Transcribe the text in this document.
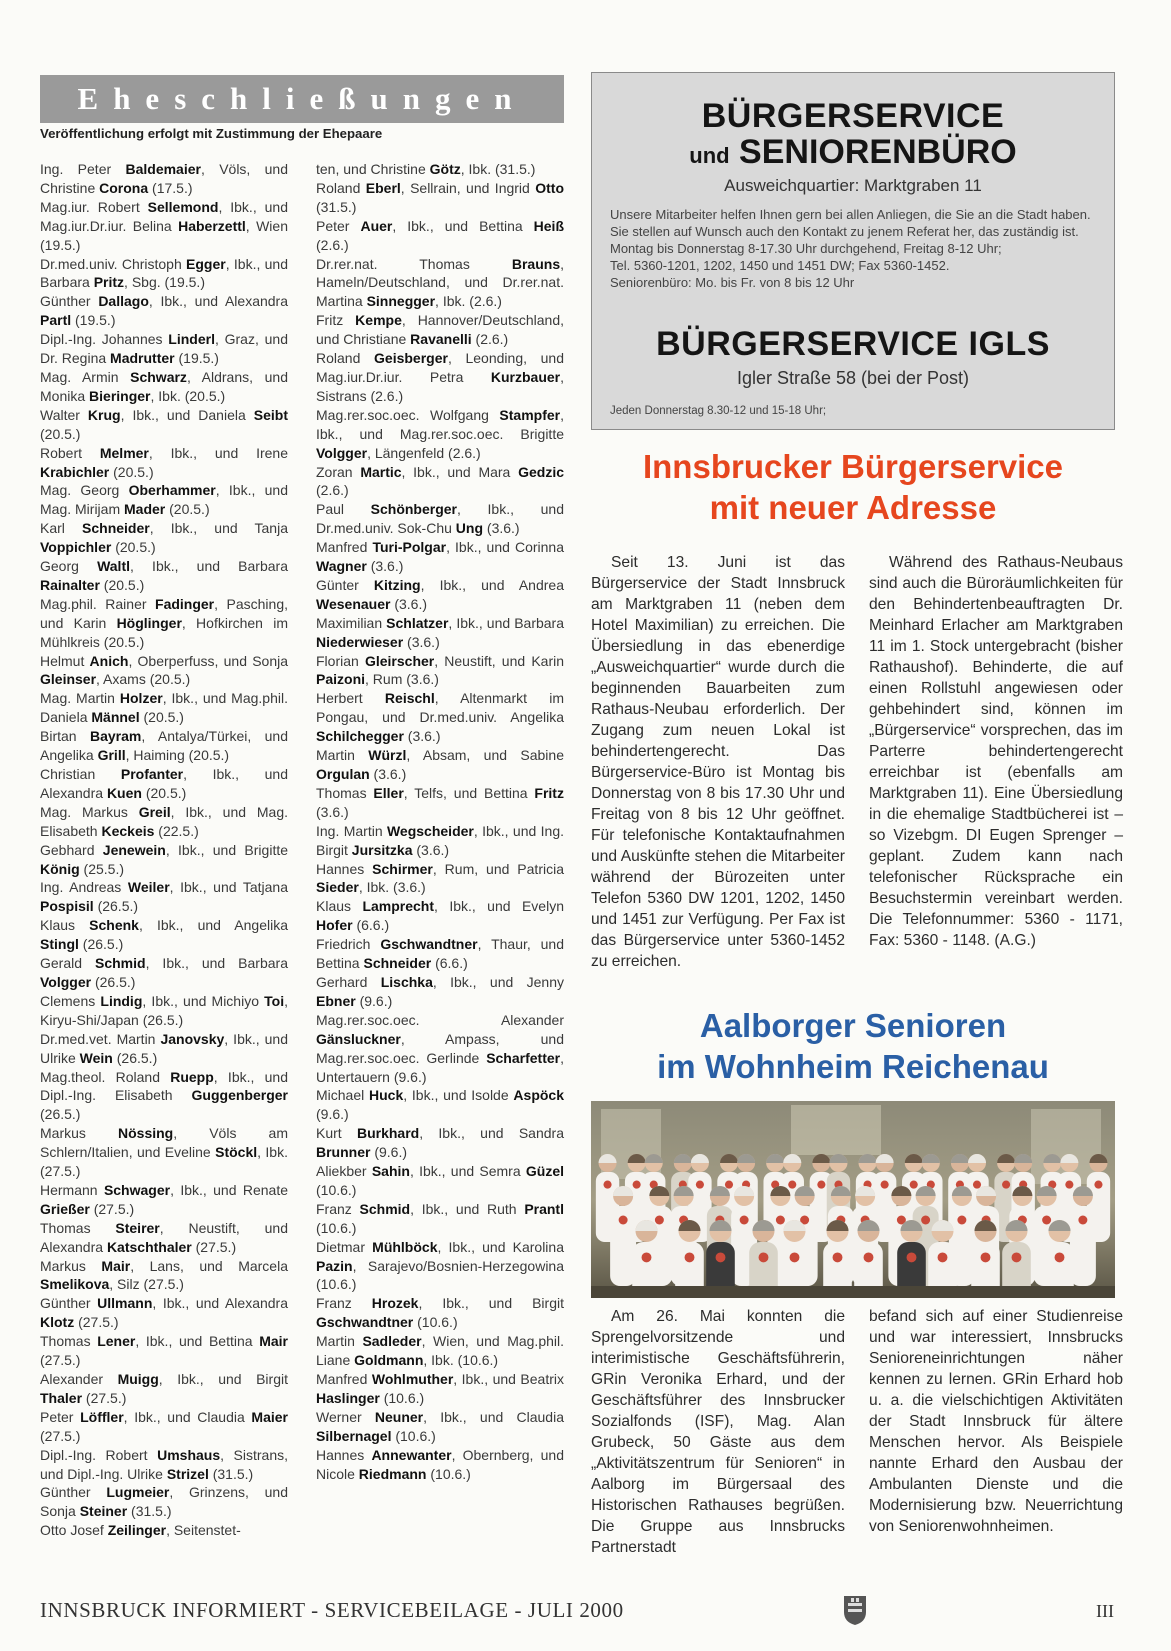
Eheschließungen
Veröffentlichung erfolgt mit Zustimmung der Ehepaare

Ing. Peter Baldemaier, Völs, und Christine Corona (17.5.)

Mag.iur. Robert Sellemond, Ibk., und Mag.iur.Dr.iur. Belina Haberzettl, Wien (19.5.)

Dr.med.univ. Christoph Egger, Ibk., und Barbara Pritz, Sbg. (19.5.)

Günther Dallago, Ibk., und Alexandra Partl (19.5.)

Dipl.-Ing. Johannes Linderl, Graz, und Dr. Regina Madrutter (19.5.)

Mag. Armin Schwarz, Aldrans, und Monika Bieringer, Ibk. (20.5.)

Walter Krug, Ibk., und Daniela Seibt (20.5.)

Robert Melmer, Ibk., und Irene Krabichler (20.5.)

Mag. Georg Oberhammer, Ibk., und Mag. Mirijam Mader (20.5.)

Karl Schneider, Ibk., und Tanja Voppichler (20.5.)

Georg Waltl, Ibk., und Barbara Rainalter (20.5.)

Mag.phil. Rainer Fadinger, Pasching, und Karin Höglinger, Hofkirchen im Mühlkreis (20.5.)

Helmut Anich, Oberperfuss, und Sonja Gleinser, Axams (20.5.)

Mag. Martin Holzer, Ibk., und Mag.phil. Daniela Männel (20.5.)

Birtan Bayram, Antalya/Türkei, und Angelika Grill, Haiming (20.5.)

Christian Profanter, Ibk., und Alexandra Kuen (20.5.)

Mag. Markus Greil, Ibk., und Mag. Elisabeth Keckeis (22.5.)

Gebhard Jenewein, Ibk., und Brigitte König (25.5.)

Ing. Andreas Weiler, Ibk., und Tatjana Pospisil (26.5.)

Klaus Schenk, Ibk., und Angelika Stingl (26.5.)

Gerald Schmid, Ibk., und Barbara Volgger (26.5.)

Clemens Lindig, Ibk., und Michiyo Toi, Kiryu-Shi/Japan (26.5.)

Dr.med.vet. Martin Janovsky, Ibk., und Ulrike Wein (26.5.)

Mag.theol. Roland Ruepp, Ibk., und Dipl.-Ing. Elisabeth Guggenberger (26.5.)

Markus Nössing, Völs am Schlern/Italien, und Eveline Stöckl, Ibk. (27.5.)

Hermann Schwager, Ibk., und Renate Grießer (27.5.)

Thomas Steirer, Neustift, und Alexandra Katschthaler (27.5.)

Markus Mair, Lans, und Marcela Smelikova, Silz (27.5.)

Günther Ullmann, Ibk., und Alexandra Klotz (27.5.)

Thomas Lener, Ibk., und Bettina Mair (27.5.)

Alexander Muigg, Ibk., und Birgit Thaler (27.5.)

Peter Löffler, Ibk., und Claudia Maier (27.5.)

Dipl.-Ing. Robert Umshaus, Sistrans, und Dipl.-Ing. Ulrike Strizel (31.5.)

Günther Lugmeier, Grinzens, und Sonja Steiner (31.5.)

Otto Josef Zeilinger, Seitenstet-

ten, und Christine Götz, Ibk. (31.5.)

Roland Eberl, Sellrain, und Ingrid Otto (31.5.)

Peter Auer, Ibk., und Bettina Heiß (2.6.)

Dr.rer.nat. Thomas Brauns, Hameln/Deutschland, und Dr.rer.nat. Martina Sinnegger, Ibk. (2.6.)

Fritz Kempe, Hannover/Deutschland, und Christiane Ravanelli (2.6.)

Roland Geisberger, Leonding, und Mag.iur.Dr.iur. Petra Kurzbauer, Sistrans (2.6.)

Mag.rer.soc.oec. Wolfgang Stampfer, Ibk., und Mag.rer.soc.oec. Brigitte Volgger, Längenfeld (2.6.)

Zoran Martic, Ibk., und Mara Gedzic (2.6.)

Paul Schönberger, Ibk., und Dr.med.univ. Sok-Chu Ung (3.6.)

Manfred Turi-Polgar, Ibk., und Corinna Wagner (3.6.)

Günter Kitzing, Ibk., und Andrea Wesenauer (3.6.)

Maximilian Schlatzer, Ibk., und Barbara Niederwieser (3.6.)

Florian Gleirscher, Neustift, und Karin Paizoni, Rum (3.6.)

Herbert Reischl, Altenmarkt im Pongau, und Dr.med.univ. Angelika Schilchegger (3.6.)

Martin Würzl, Absam, und Sabine Orgulan (3.6.)

Thomas Eller, Telfs, und Bettina Fritz (3.6.)

Ing. Martin Wegscheider, Ibk., und Ing. Birgit Jursitzka (3.6.)

Hannes Schirmer, Rum, und Patricia Sieder, Ibk. (3.6.)

Klaus Lamprecht, Ibk., und Evelyn Hofer (6.6.)

Friedrich Gschwandtner, Thaur, und Bettina Schneider (6.6.)

Gerhard Lischka, Ibk., und Jenny Ebner (9.6.)

Mag.rer.soc.oec. Alexander Gänsluckner, Ampass, und Mag.rer.soc.oec. Gerlinde Scharfetter, Untertauern (9.6.)

Michael Huck, Ibk., und Isolde Aspöck (9.6.)

Kurt Burkhard, Ibk., und Sandra Brunner (9.6.)

Aliekber Sahin, Ibk., und Semra Güzel (10.6.)

Franz Schmid, Ibk., und Ruth Prantl (10.6.)

Dietmar Mühlböck, Ibk., und Karolina Pazin, Sarajevo/Bosnien-Herzegowina (10.6.)

Franz Hrozek, Ibk., und Birgit Gschwandtner (10.6.)

Martin Sadleder, Wien, und Mag.phil. Liane Goldmann, Ibk. (10.6.)

Manfred Wohlmuther, Ibk., und Beatrix Haslinger (10.6.)

Werner Neuner, Ibk., und Claudia Silbernagel (10.6.)

Hannes Annewanter, Obernberg, und Nicole Riedmann (10.6.)

BÜRGERSERVICE
und SENIORENBÜRO
Ausweichquartier: Marktgraben 11

Unsere Mitarbeiter helfen Ihnen gern bei allen Anliegen, die Sie an die Stadt haben. Sie stellen auf Wunsch auch den Kontakt zu jenem Referat her, das zuständig ist.

Montag bis Donnerstag 8-17.30 Uhr durchgehend, Freitag 8-12 Uhr;

Tel. 5360-1201, 1202, 1450 und 1451 DW; Fax 5360-1452.

Seniorenbüro: Mo. bis Fr. von 8 bis 12 Uhr

BÜRGERSERVICE IGLS
Igler Straße 58 (bei der Post)
Jeden Donnerstag 8.30-12 und 15-18 Uhr;
Innsbrucker Bürgerservice
mit neuer Adresse

Seit 13. Juni ist das Bürgerservice der Stadt Innsbruck am Marktgraben 11 (neben dem Hotel Maximilian) zu erreichen. Die Übersiedlung in das ebenerdige „Ausweichquartier“ wurde durch die beginnenden Bauarbeiten zum Rathaus-Neubau erforderlich. Der Zugang zum neuen Lokal ist behindertengerecht. Das Bürgerservice-Büro ist Montag bis Donnerstag von 8 bis 17.30 Uhr und Freitag von 8 bis 12 Uhr geöffnet. Für telefonische Kontaktaufnahmen und Auskünfte stehen die Mitarbeiter während der Bürozeiten unter Telefon 5360 DW 1201, 1202, 1450 und 1451 zur Verfügung. Per Fax ist das Bürgerservice unter 5360-1452 zu erreichen.

Während des Rathaus-Neubaus sind auch die Büroräumlichkeiten für den Behindertenbeauftragten Dr. Meinhard Erlacher am Marktgraben 11 im 1. Stock untergebracht (bisher Rathaushof). Behinderte, die auf einen Rollstuhl angewiesen oder gehbehindert sind, können im „Bürgerservice“ vorsprechen, das im Parterre behindertengerecht erreichbar ist (ebenfalls am Marktgraben 11). Eine Übersiedlung in die ehemalige Stadtbücherei ist – so Vizebgm. DI Eugen Sprenger – geplant. Zudem kann nach telefonischer Rücksprache ein Besuchstermin vereinbart werden. Die Telefonnummer: 5360 - 1171, Fax: 5360 - 1148. (A.G.)

Aalborger Senioren
im Wohnheim Reichenau

Am 26. Mai konnten die Sprengelvorsitzende und interimistische Geschäftsführerin, GRin Veronika Erhard, und der Geschäftsführer des Innsbrucker Sozialfonds (ISF), Mag. Alan Grubeck, 50 Gäste aus dem „Aktivitätszentrum für Senioren“ in Aalborg im Bürgersaal des Historischen Rathauses begrüßen. Die Gruppe aus Innsbrucks Partnerstadt

befand sich auf einer Studienreise und war interessiert, Innsbrucks Senioreneinrichtungen näher kennen zu lernen. GRin Erhard hob u. a. die vielschichtigen Aktivitäten der Stadt Innsbruck für ältere Menschen hervor. Als Beispiele nannte Erhard den Ausbau der Ambulanten Dienste und die Modernisierung bzw. Neuerrichtung von Seniorenwohnheimen.

INNSBRUCK INFORMIERT - SERVICEBEILAGE - JULI 2000	III
